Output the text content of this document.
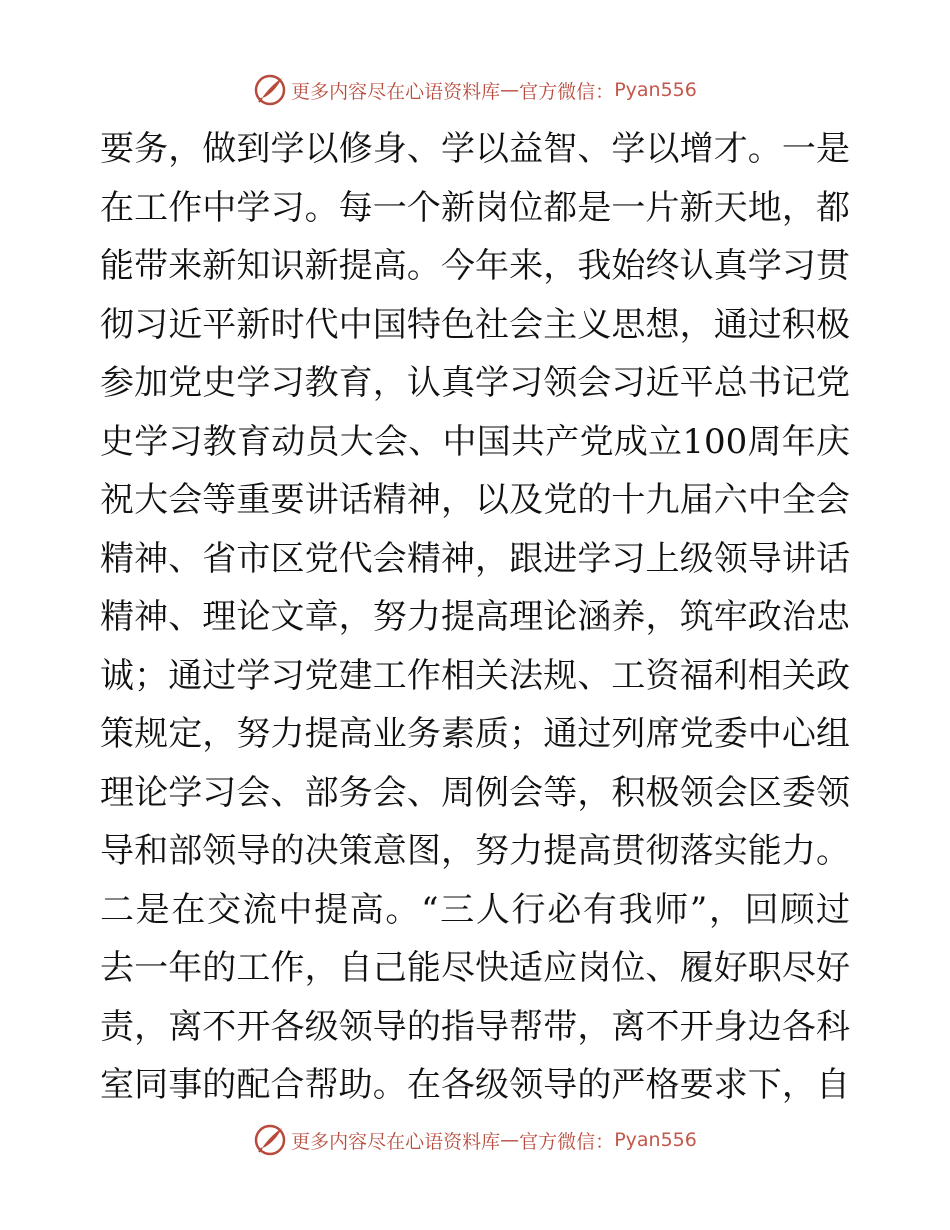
更多内容尽在心语资料库 — 官方微信： Pyan556
要务，做到学以修身、学以益智、学以增才。一是
在工作中学习。每一个新岗位都是一片新天地，都
能带来新知识新提高。今年来，我始终认真学习贯
彻习近平新时代中国特色社会主义思想，通过积极
参加党史学习教育，认真学习领会习近平总书记党
史学习教育动员大会、中国共产党成立100周年庆
祝大会等重要讲话精神，以及党的十九届六中全会
精神、省市区党代会精神，跟进学习上级领导讲话
精神、理论文章，努力提高理论涵养，筑牢政治忠
诚；通过学习党建工作相关法规、工资福利相关政
策规定，努力提高业务素质；通过列席党委中心组
理论学习会、部务会、周例会等，积极领会区委领
导和部领导的决策意图，努力提高贯彻落实能力。
二是在交流中提高。“三人行必有我师”，回顾过
去一年的工作，自己能尽快适应岗位、履好职尽好
责，离不开各级领导的指导帮带，离不开身边各科
室同事的配合帮助。在各级领导的严格要求下，自
更多内容尽在心语资料库 — 官方微信： Pyan556
